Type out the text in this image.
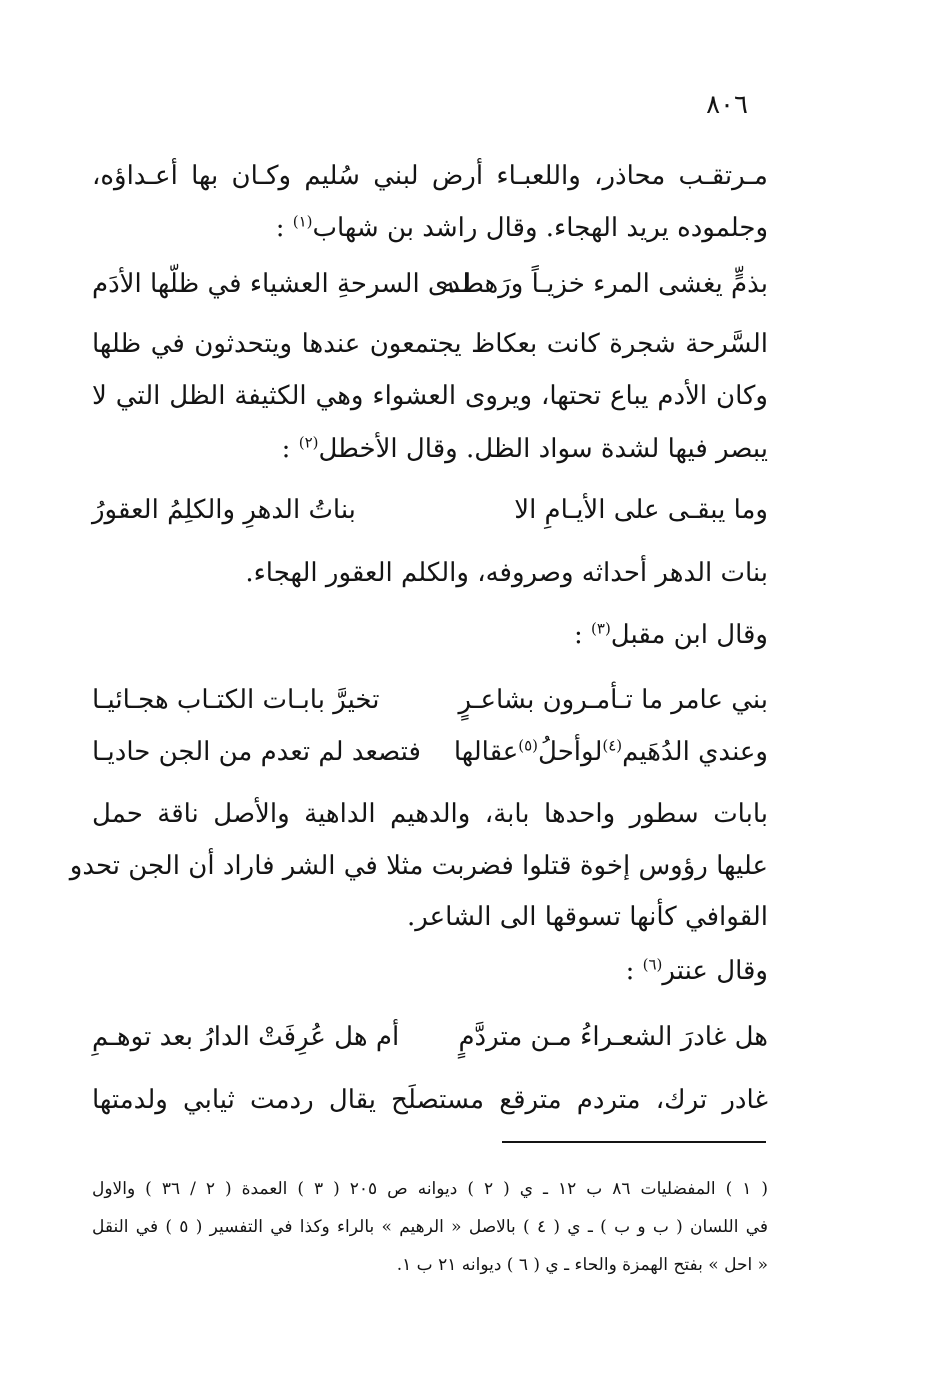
٨٠٦
مـرتقـب محاذر، واللعبـاء أرض لبني سُليم وكـان بها أعـداؤه،
وجلموده يريد الهجاء. وقال راشد بن شهاب$^{(١)}$ :
لدى السرحةِ العشياء في ظلّها الأدَم
بذمٍّ يغشى المرء خزيـاً ورَهطـه
السَّرحة شجرة كانت بعكاظ يجتمعون عندها ويتحدثون في ظلها
وكان الأدم يباع تحتها، ويروى العشواء وهي الكثيفة الظل التي لا
يبصر فيها لشدة سواد الظل. وقال الأخطل$^{(٢)}$ :
وما يبقـى على الأيـامِ الا
بناتُ الدهرِ والكلِمُ العقورُ
بنات الدهر أحداثه وصروفه، والكلم العقور الهجاء.
وقال ابن مقبل$^{(٣)}$ :
بني عامر ما تـأمـرون بشاعـرٍ
تخيرَّ بابـات الكتـاب هجـائيـا
وعندي الدُهَيم$^{(٤)}$لوأحلُ$^{(٥)}$عقالها
فتصعد لم تعدم من الجن حاديـا
بابات سطور واحدها بابة، والدهيم الداهية والأصل ناقة حمل
عليها رؤوس إخوة قتلوا فضربت مثلا في الشر فاراد أن الجن تحدو
القوافي كأنها تسوقها الى الشاعر.
وقال عنتر$^{(٦)}$ :
هل غادرَ الشعـراءُ مـن متردَّمٍ
أم هل عُرِفَتْ الدارُ بعد توهـمِ
غادر ترك، متردم مترقع مستصلَح يقال ردمت ثيابي ولدمتها
( ١ ) المفضليات ٨٦ ب ١٢ ـ ي ( ٢ ) ديوانه ص ٢٠٥ ( ٣ ) العمدة ( ٢ / ٣٦ ) والاول
في اللسان ( ب و ب ) ـ ي ( ٤ ) بالاصل « الرهيم » بالراء وكذا في التفسير ( ٥ ) في النقل
« احل » بفتح الهمزة والحاء ـ ي ( ٦ ) ديوانه ٢١ ب ١.
